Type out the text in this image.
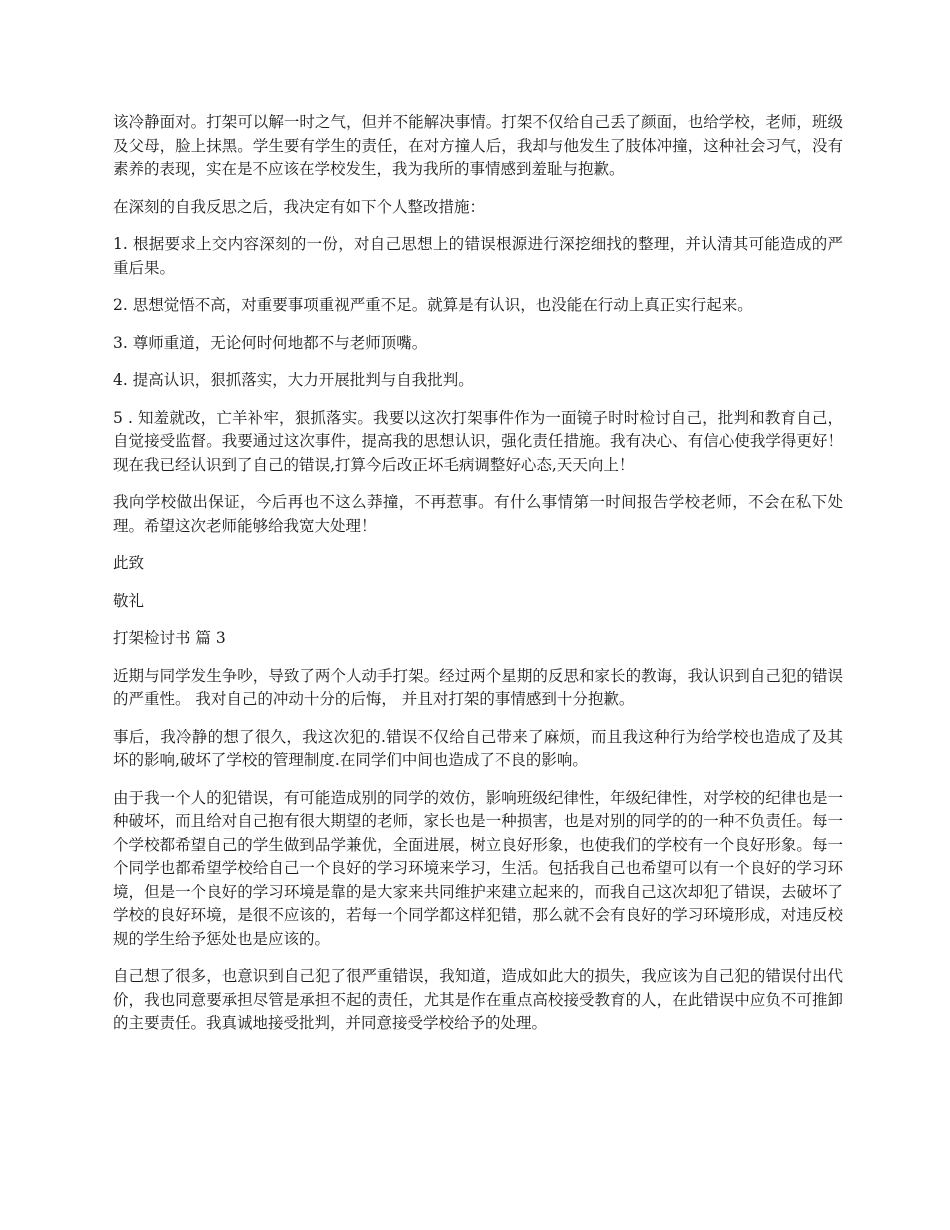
该冷静面对。打架可以解一时之气，但并不能解决事情。打架不仅给自己丢了颜面，也给学校，老师，班级及父母，脸上抹黑。学生要有学生的责任，在对方撞人后，我却与他发生了肢体冲撞，这种社会习气，没有素养的表现，实在是不应该在学校发生，我为我所的事情感到羞耻与抱歉。

在深刻的自我反思之后，我决定有如下个人整改措施：

1. 根据要求上交内容深刻的一份，对自己思想上的错误根源进行深挖细找的整理，并认清其可能造成的严重后果。

2. 思想觉悟不高，对重要事项重视严重不足。就算是有认识，也没能在行动上真正实行起来。

3. 尊师重道，无论何时何地都不与老师顶嘴。

4. 提高认识，狠抓落实，大力开展批判与自我批判。

5 . 知羞就改，亡羊补牢，狠抓落实。我要以这次打架事件作为一面镜子时时检讨自己，批判和教育自己，自觉接受监督。我要通过这次事件，提高我的思想认识，强化责任措施。我有决心、有信心使我学得更好！ 现在我已经认识到了自己的错误,打算今后改正坏毛病调整好心态,天天向上！

我向学校做出保证，今后再也不这么莽撞，不再惹事。有什么事情第一时间报告学校老师，不会在私下处理。希望这次老师能够给我宽大处理！

此致

敬礼

打架检讨书 篇 3

近期与同学发生争吵，导致了两个人动手打架。经过两个星期的反思和家长的教诲，我认识到自己犯的错误的严重性。 我对自己的冲动十分的后悔， 并且对打架的事情感到十分抱歉。

事后，我冷静的想了很久，我这次犯的.错误不仅给自己带来了麻烦，而且我这种行为给学校也造成了及其坏的影响,破坏了学校的管理制度.在同学们中间也造成了不良的影响。

由于我一个人的犯错误，有可能造成别的同学的效仿，影响班级纪律性，年级纪律性，对学校的纪律也是一种破坏，而且给对自己抱有很大期望的老师，家长也是一种损害，也是对别的同学的的一种不负责任。每一个学校都希望自己的学生做到品学兼优，全面进展，树立良好形象，也使我们的学校有一个良好形象。每一个同学也都希望学校给自己一个良好的学习环境来学习，生活。包括我自己也希望可以有一个良好的学习环境，但是一个良好的学习环境是靠的是大家来共同维护来建立起来的，而我自己这次却犯了错误，去破坏了学校的良好环境，是很不应该的，若每一个同学都这样犯错，那么就不会有良好的学习环境形成，对违反校规的学生给予惩处也是应该的。

自己想了很多，也意识到自己犯了很严重错误，我知道，造成如此大的损失，我应该为自己犯的错误付出代价，我也同意要承担尽管是承担不起的责任，尤其是作在重点高校接受教育的人，在此错误中应负不可推卸的主要责任。我真诚地接受批判，并同意接受学校给予的处理。
